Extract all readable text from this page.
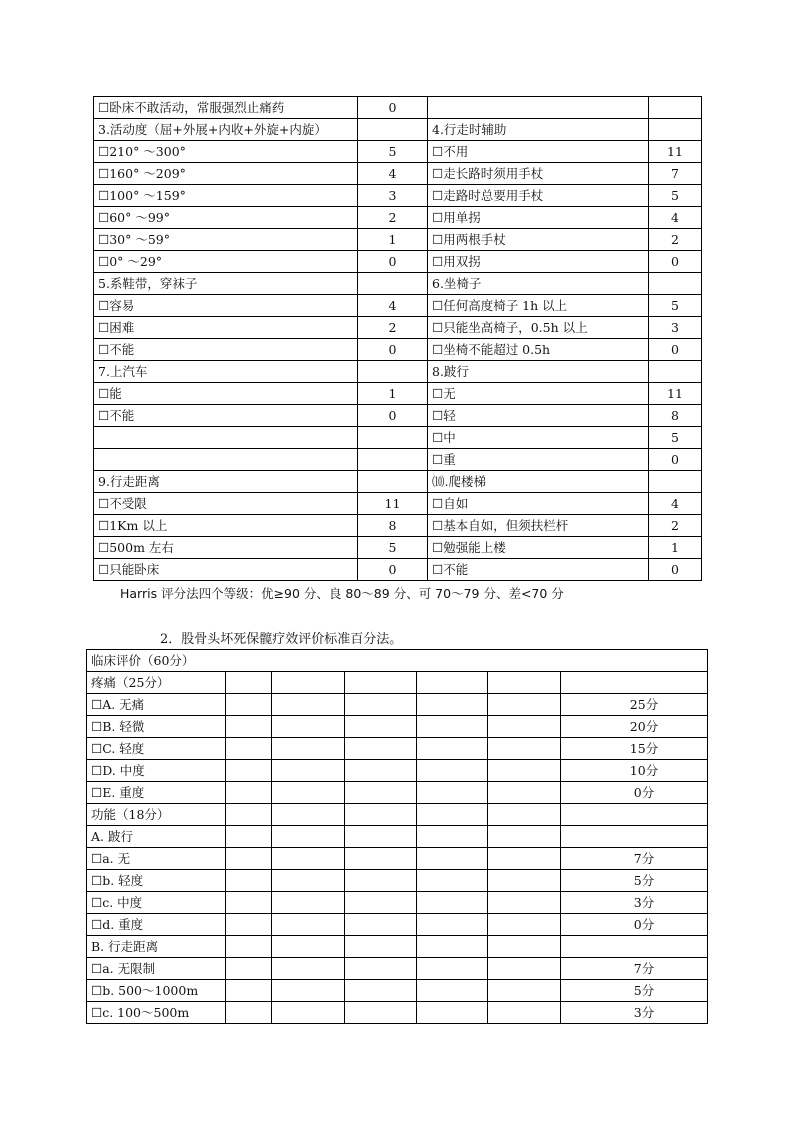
☐卧床不敢活动，常服强烈止痛药	0		
3.活动度（屈+外展+内收+外旋+内旋）		4.行走时辅助	
☐210° ～300°	5	☐不用	11
☐160° ～209°	4	☐走长路时须用手杖	7
☐100° ～159°	3	☐走路时总要用手杖	5
☐60° ～99°	2	☐用单拐	4
☐30° ～59°	1	☐用两根手杖	2
☐0° ～29°	0	☐用双拐	0
5.系鞋带，穿袜子		6.坐椅子	
☐容易	4	☐任何高度椅子 1h 以上	5
☐困难	2	☐只能坐高椅子，0.5h 以上	3
☐不能	0	☐坐椅不能超过 0.5h	0
7.上汽车		8.跛行	
☐能	1	☐无	11
☐不能	0	☐轻	8
		☐中	5
		☐重	0
9.行走距离		⑽.爬楼梯	
☐不受限	11	☐自如	4
☐1Km 以上	8	☐基本自如，但须扶栏杆	2
☐500m 左右	5	☐勉强能上楼	1
☐只能卧床	0	☐不能	0
Harris 评分法四个等级：优≥90 分、良 80～89 分、可 70～79 分、差<70 分
2．股骨头坏死保髋疗效评价标准百分法。
临床评价（60分）						
疼痛（25分）						
☐A. 无痛						25分
☐B. 轻微						20分
☐C. 轻度						15分
☐D. 中度						10分
☐E. 重度						0分
功能（18分）						
A. 跛行						
☐a. 无						7分
☐b. 轻度						5分
☐c. 中度						3分
☐d. 重度						0分
B. 行走距离						
☐a. 无限制						7分
☐b. 500～1000m						5分
☐c. 100～500m						3分
